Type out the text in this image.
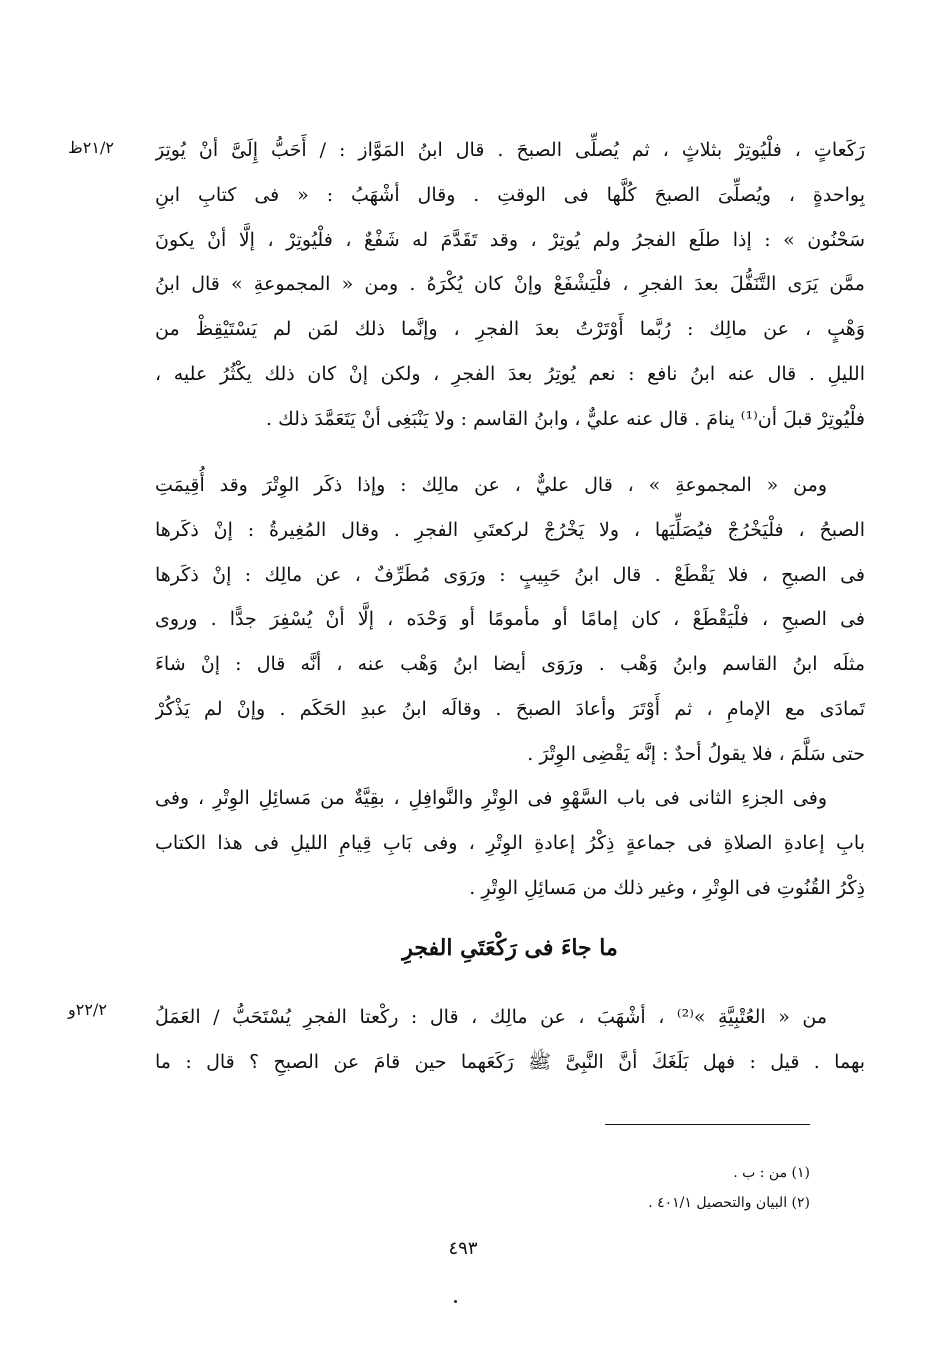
٢١/٢ظ	رَكَعاتٍ ، فلْيُوتِرْ بثلاثٍ ، ثم يُصلِّى الصبحَ . قال ابنُ المَوَّاز : / أَحَبُّ إِلَىَّ أنْ يُوتِرَ
بِواحدةٍ ، ويُصلِّىَ الصبحَ كُلَّها فى الوقتِ . وقال أشْهَبُ : « فى كتابِ ابنِ
سَحْنُون » : إذا طلَع الفجرُ ولم يُوتِرْ ، وقد تَقَدَّمَ له شَفْعٌ ، فلْيُوتِرْ ، إلَّا أنْ يكونَ
ممَّن يَرَى التَّنَفُّلَ بعدَ الفجرِ ، فلْيَشْفَعْ وإنْ كان يُكْرَهُ . ومن « المجموعةِ » قال ابنُ
وَهْبٍ ، عن مالِك : رُبَّما أَوْتَرْتُ بعدَ الفجرِ ، وإنَّما ذلك لمَن لم يَسْتَيْقِظْ من
الليلِ . قال عنه ابنُ نافع : نعم يُوتِرُ بعدَ الفجرِ ، ولكن إنْ كان ذلك يكْثُرُ عليه ،
فلْيُوتِرْ قبلَ أن⁽¹⁾ ينامَ . قال عنه عليٌّ ، وابنُ القاسم : ولا يَنْبَغِى أنْ يَتَعَمَّدَ ذلك .
ومن « المجموعةِ » ، قال عليٌّ ، عن مالِك : وإذا ذكَر الوِتْرَ وقد أُقِيمَتِ
الصبحُ ، فلْيَخْرُجْ فيُصَلِّيَها ، ولا يَخْرُجْ لركعتَىِ الفجرِ . وقال المُغِيرةُ : إنْ ذكَرها
فى الصبحِ ، فلا يَقْطَعْ . قال ابنُ حَبِيبٍ : ورَوَى مُطَرِّفٌ ، عن مالِك : إنْ ذكَرها
فى الصبحِ ، فلْيَقْطَعْ ، كان إمامًا أو مأمومًا أو وَحْدَه ، إلَّا أنْ يُسْفِرَ جدًّا . وروى
مثلَه ابنُ القاسم وابنُ وَهْب . ورَوَى أيضا ابنُ وَهْب عنه ، أنَّه قال : إنْ شاءَ
تَمادَى مع الإمامِ ، ثم أَوْتَرَ وأعادَ الصبحَ . وقالَه ابنُ عبدِ الحَكَم . وإنْ لم يَذْكُرْ
حتى سَلَّمَ ، فلا يقولُ أحدٌ : إنَّه يَقْضِى الوِتْرَ .
وفى الجزءِ الثانى فى باب السَّهْوِ فى الوِتْرِ والنَّوافِلِ ، بقِيَّةٌ من مَسائِلِ الوِتْرِ ، وفى
بابِ إعادةِ الصلاةِ فى جماعةٍ ذِكْرُ إعادةِ الوِتْرِ ، وفى بَابِ قِيامِ الليلِ فى هذا الكتاب
ذِكْرُ القُنُوتِ فى الوِتْرِ ، وغير ذلك من مَسائِلِ الوِتْرِ .
ما جاءَ فى رَكْعَتَىِ الفجرِ
٢٢/٢و	من « العُتْبِيَّةِ »⁽²⁾ ، أشْهَبَ ، عن مالِك ، قال : ركْعتا الفجرِ يُسْتَحَبُّ / العَمَلُ
بهما . قيل : فهل بَلَغَكَ أنَّ النَّبِىَّ ﷺ رَكَعَهما حين قامَ عن الصبحِ ؟ قال : ما
(١) من : ب .
(٢) البيان والتحصيل ٤٠١/١ .
٤٩٣
